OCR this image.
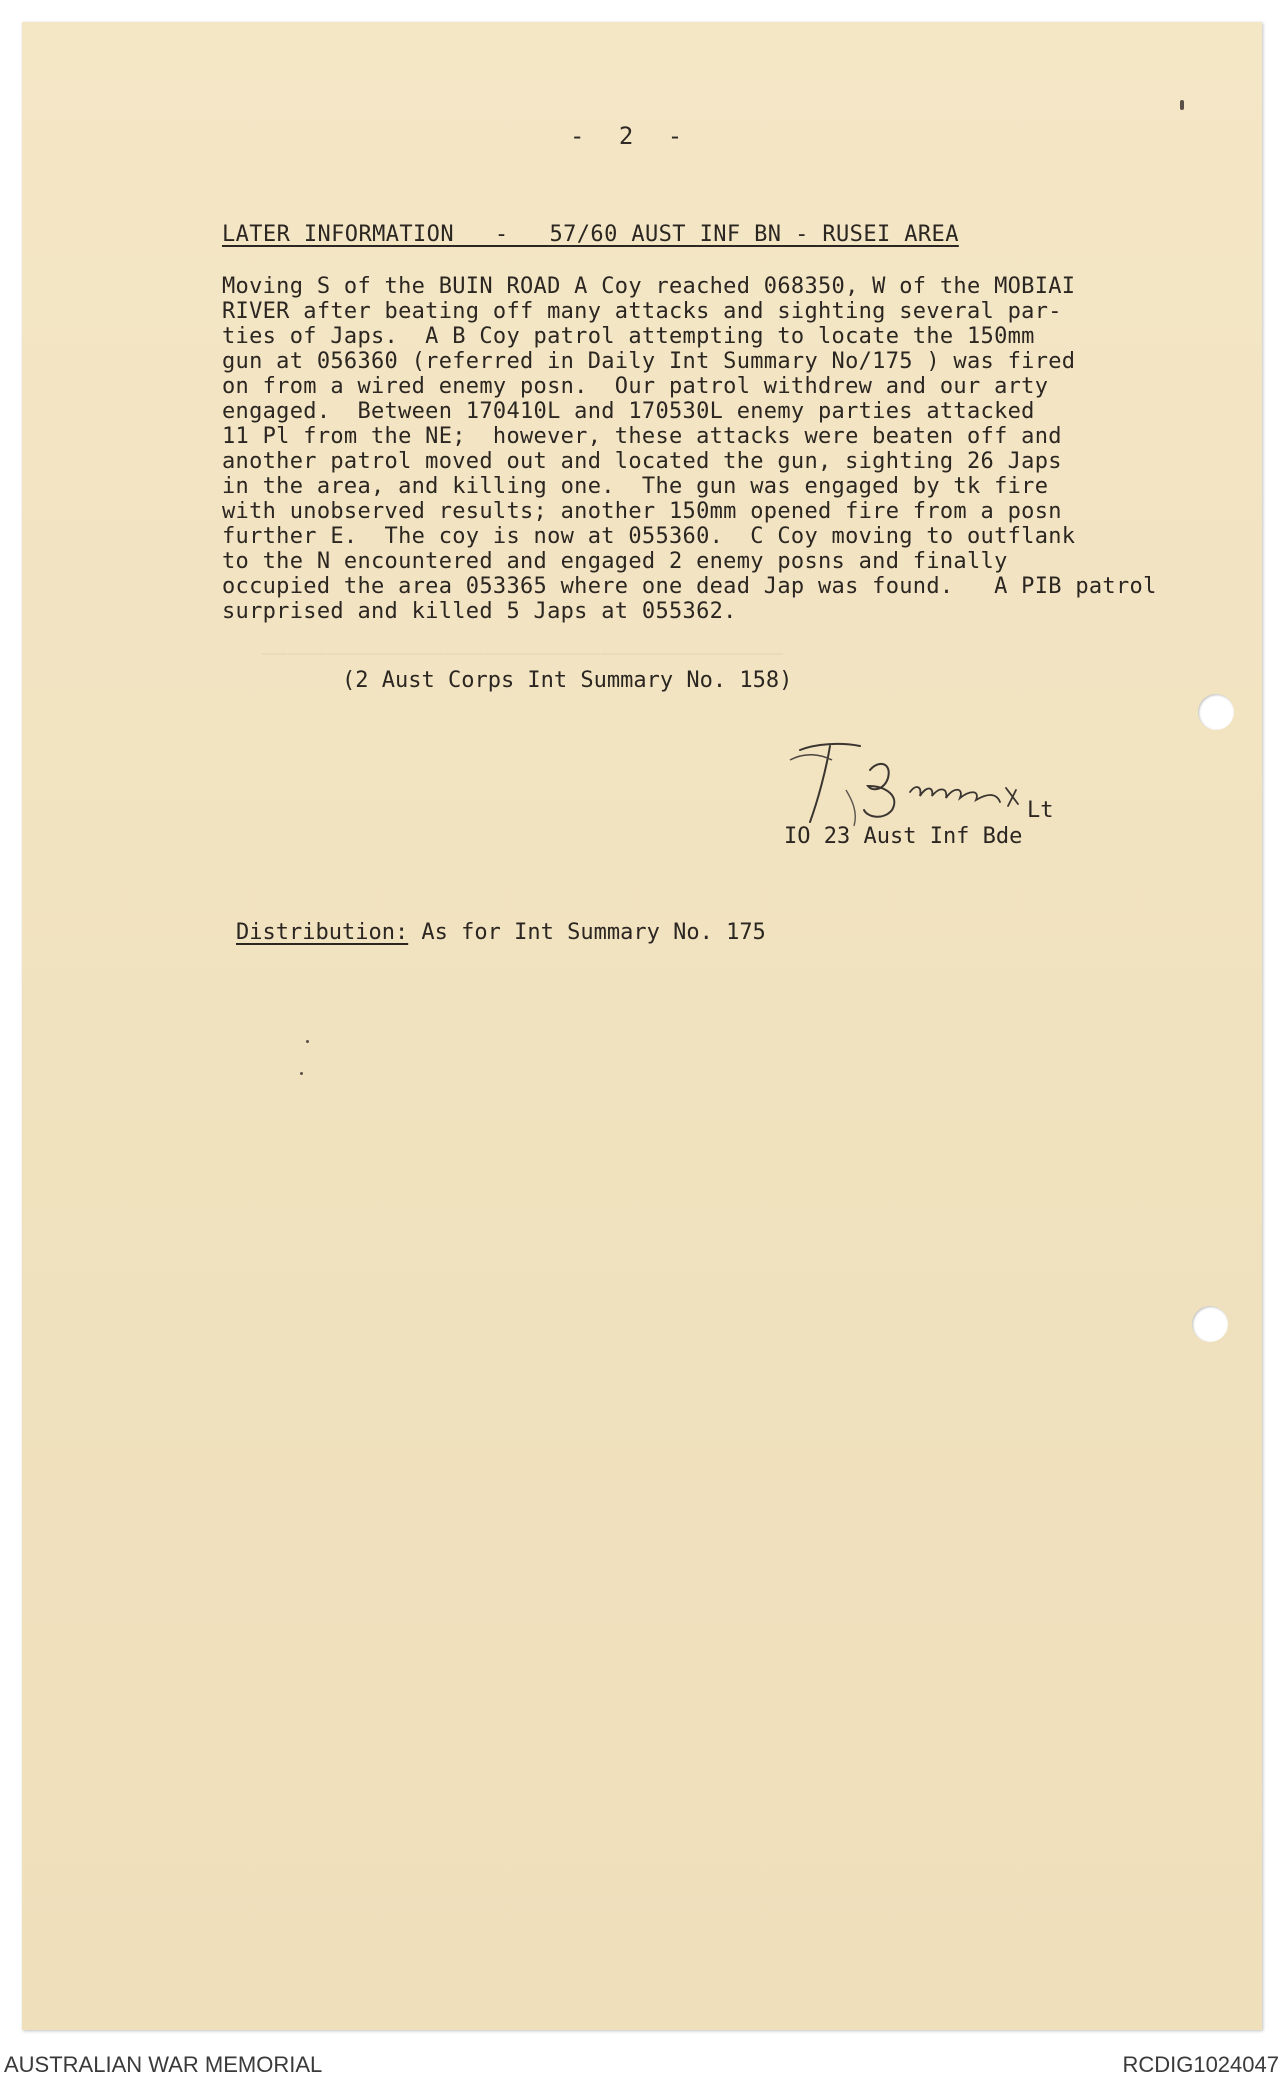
────────────────────────────────────────
- 2 -
LATER INFORMATION   -   57/60 AUST INF BN - RUSEI AREA
Moving S of the BUIN ROAD A Coy reached 068350, W of the MOBIAI
RIVER after beating off many attacks and sighting several par-
ties of Japs.  A B Coy patrol attempting to locate the 150mm
gun at 056360 (referred in Daily Int Summary No/175 ) was fired
on from a wired enemy posn.  Our patrol withdrew and our arty
engaged.  Between 170410L and 170530L enemy parties attacked
11 Pl from the NE;  however, these attacks were beaten off and
another patrol moved out and located the gun, sighting 26 Japs
in the area, and killing one.  The gun was engaged by tk fire
with unobserved results; another 150mm opened fire from a posn
further E.  The coy is now at 055360.  C Coy moving to outflank
to the N encountered and engaged 2 enemy posns and finally
occupied the area 053365 where one dead Jap was found.   A PIB patrol
surprised and killed 5 Japs at 055362.
(2 Aust Corps Int Summary No. 158)
Lt
IO 23 Aust Inf Bde
Distribution: As for Int Summary No. 175
AUSTRALIAN WAR MEMORIAL	RCDIG1024047
